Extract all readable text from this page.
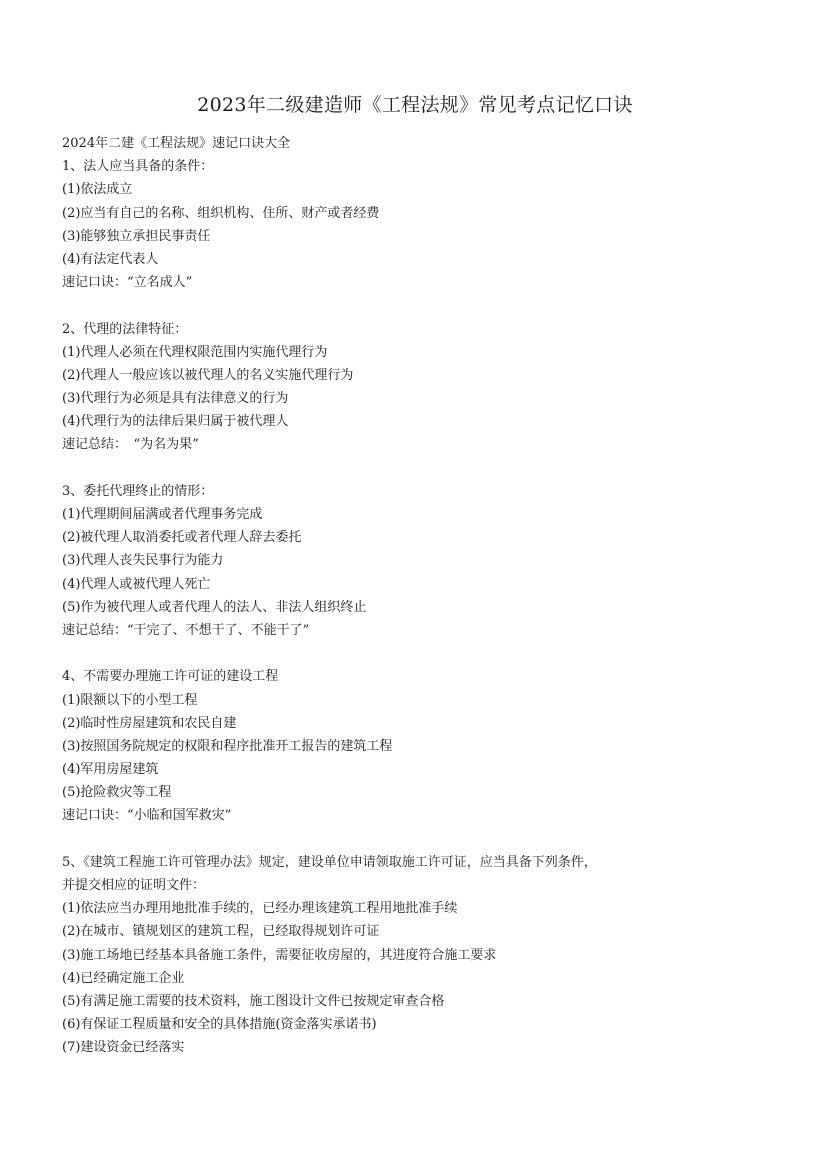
2023年二级建造师《工程法规》常见考点记忆口诀
2024年二建《工程法规》速记口诀大全
1、法人应当具备的条件：
(1)依法成立
(2)应当有自己的名称、组织机构、住所、财产或者经费
(3)能够独立承担民事责任
(4)有法定代表人
速记口诀：“立名成人”
2、代理的法律特征：
(1)代理人必须在代理权限范围内实施代理行为
(2)代理人一般应该以被代理人的名义实施代理行为
(3)代理行为必须是具有法律意义的行为
(4)代理行为的法律后果归属于被代理人
速记总结：　“为名为果”
3、委托代理终止的情形：
(1)代理期间届满或者代理事务完成
(2)被代理人取消委托或者代理人辞去委托
(3)代理人丧失民事行为能力
(4)代理人或被代理人死亡
(5)作为被代理人或者代理人的法人、非法人组织终止
速记总结：“干完了、不想干了、不能干了”
4、不需要办理施工许可证的建设工程
(1)限额以下的小型工程
(2)临时性房屋建筑和农民自建
(3)按照国务院规定的权限和程序批准开工报告的建筑工程
(4)军用房屋建筑
(5)抢险救灾等工程
速记口诀：“小临和国军救灾”
5、《建筑工程施工许可管理办法》规定，建设单位申请领取施工许可证，应当具备下列条件，
并提交相应的证明文件：
(1)依法应当办理用地批准手续的，已经办理该建筑工程用地批准手续
(2)在城市、镇规划区的建筑工程，已经取得规划许可证
(3)施工场地已经基本具备施工条件，需要征收房屋的，其进度符合施工要求
(4)已经确定施工企业
(5)有满足施工需要的技术资料，施工图设计文件已按规定审查合格
(6)有保证工程质量和安全的具体措施(资金落实承诺书)
(7)建设资金已经落实
